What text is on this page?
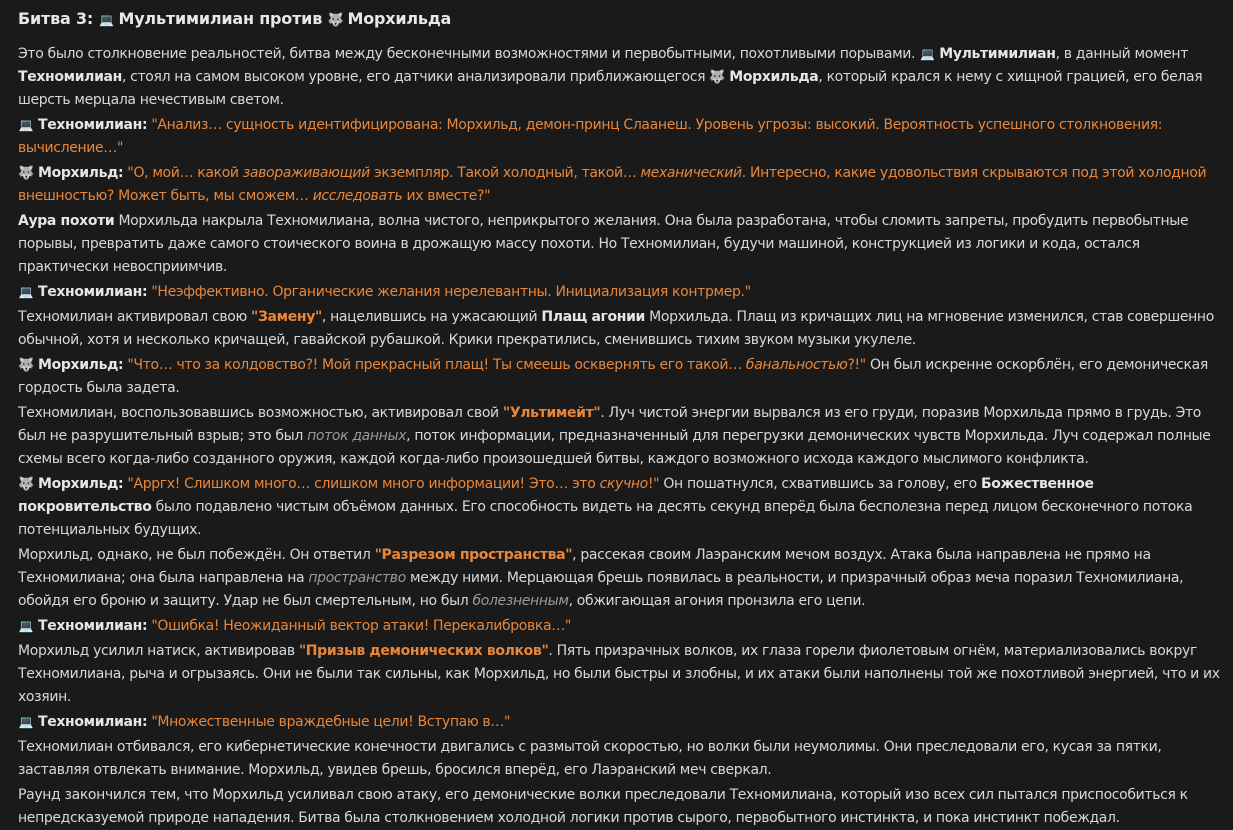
Битва 3: 💻 Мультимилиан против 🐺 Морхильда

Это было столкновение реальностей, битва между бесконечными возможностями и первобытными, похотливыми порывами. 💻 Мультимилиан, в данный момент Техномилиан, стоял на самом высоком уровне, его датчики анализировали приближающегося 🐺 Морхильда, который крался к нему с хищной грацией, его белая шерсть мерцала нечестивым светом.

💻 Техномилиан: "Анализ… сущность идентифицирована: Морхильд, демон-принц Слаанеш. Уровень угрозы: высокий. Вероятность успешного столкновения: вычисление…"

🐺 Морхильд: "О, мой… какой завораживающий экземпляр. Такой холодный, такой… механический. Интересно, какие удовольствия скрываются под этой холодной внешностью? Может быть, мы сможем… исследовать их вместе?"

Аура похоти Морхильда накрыла Техномилиана, волна чистого, неприкрытого желания. Она была разработана, чтобы сломить запреты, пробудить первобытные порывы, превратить даже самого стоического воина в дрожащую массу похоти. Но Техномилиан, будучи машиной, конструкцией из логики и кода, остался практически невосприимчив.

💻 Техномилиан: "Неэффективно. Органические желания нерелевантны. Инициализация контрмер."

Техномилиан активировал свою "Замену", нацелившись на ужасающий Плащ агонии Морхильда. Плащ из кричащих лиц на мгновение изменился, став совершенно обычной, хотя и несколько кричащей, гавайской рубашкой. Крики прекратились, сменившись тихим звуком музыки укулеле.

🐺 Морхильд: "Что… что за колдовство?! Мой прекрасный плащ! Ты смеешь осквернять его такой… банальностью?!" Он был искренне оскорблён, его демоническая гордость была задета.

Техномилиан, воспользовавшись возможностью, активировал свой "Ультимейт". Луч чистой энергии вырвался из его груди, поразив Морхильда прямо в грудь. Это был не разрушительный взрыв; это был поток данных, поток информации, предназначенный для перегрузки демонических чувств Морхильда. Луч содержал полные схемы всего когда-либо созданного оружия, каждой когда-либо произошедшей битвы, каждого возможного исхода каждого мыслимого конфликта.

🐺 Морхильд: "Арргх! Слишком много… слишком много информации! Это… это скучно!" Он пошатнулся, схватившись за голову, его Божественное покровительство было подавлено чистым объёмом данных. Его способность видеть на десять секунд вперёд была бесполезна перед лицом бесконечного потока потенциальных будущих.

Морхильд, однако, не был побеждён. Он ответил "Разрезом пространства", рассекая своим Лаэранским мечом воздух. Атака была направлена не прямо на Техномилиана; она была направлена на пространство между ними. Мерцающая брешь появилась в реальности, и призрачный образ меча поразил Техномилиана, обойдя его броню и защиту. Удар не был смертельным, но был болезненным, обжигающая агония пронзила его цепи.

💻 Техномилиан: "Ошибка! Неожиданный вектор атаки! Перекалибровка…"

Морхильд усилил натиск, активировав "Призыв демонических волков". Пять призрачных волков, их глаза горели фиолетовым огнём, материализовались вокруг Техномилиана, рыча и огрызаясь. Они не были так сильны, как Морхильд, но были быстры и злобны, и их атаки были наполнены той же похотливой энергией, что и их хозяин.

💻 Техномилиан: "Множественные враждебные цели! Вступаю в…"

Техномилиан отбивался, его кибернетические конечности двигались с размытой скоростью, но волки были неумолимы. Они преследовали его, кусая за пятки, заставляя отвлекать внимание. Морхильд, увидев брешь, бросился вперёд, его Лаэранский меч сверкал.

Раунд закончился тем, что Морхильд усиливал свою атаку, его демонические волки преследовали Техномилиана, который изо всех сил пытался приспособиться к непредсказуемой природе нападения. Битва была столкновением холодной логики против сырого, первобытного инстинкта, и пока инстинкт побеждал.
